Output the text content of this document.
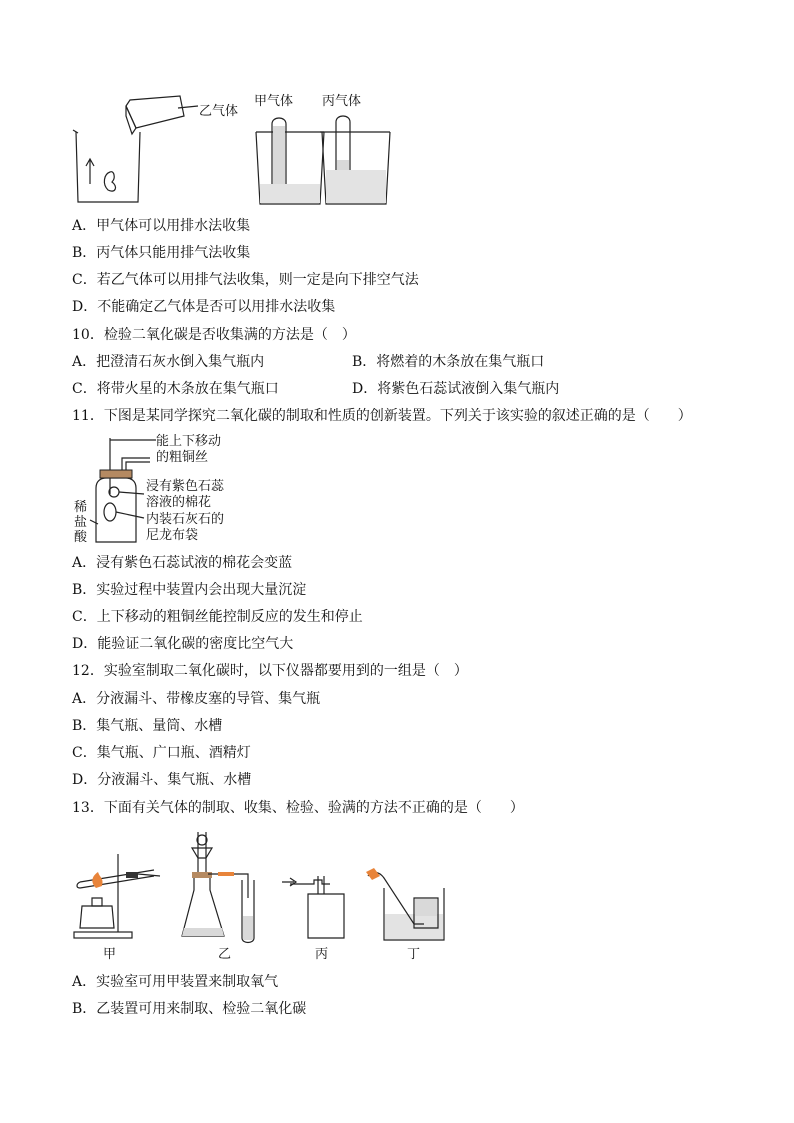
乙气体
甲气体 丙气体
A．甲气体可以用排水法收集
B．丙气体只能用排气法收集
C．若乙气体可以用排气法收集，则一定是向下排空气法
D．不能确定乙气体是否可以用排水法收集
10．检验二氧化碳是否收集满的方法是（　）
A．把澄清石灰水倒入集气瓶内	B．将燃着的木条放在集气瓶口
C．将带火星的木条放在集气瓶口	D．将紫色石蕊试液倒入集气瓶内
11．下图是某同学探究二氧化碳的制取和性质的创新装置。下列关于该实验的叙述正确的是（　　）
能上下移动
的粗铜丝
浸有紫色石蕊
溶液的棉花
内装石灰石的
尼龙布袋
稀
盐
酸
A．浸有紫色石蕊试液的棉花会变蓝
B．实验过程中装置内会出现大量沉淀
C．上下移动的粗铜丝能控制反应的发生和停止
D．能验证二氧化碳的密度比空气大
12．实验室制取二氧化碳时，以下仪器都要用到的一组是（　）
A．分液漏斗、带橡皮塞的导管、集气瓶
B．集气瓶、量筒、水槽
C．集气瓶、广口瓶、酒精灯
D．分液漏斗、集气瓶、水槽
13．下面有关气体的制取、收集、检验、验满的方法不正确的是（　　）
甲	乙	丙	丁
A．实验室可用甲装置来制取氧气
B．乙装置可用来制取、检验二氧化碳
